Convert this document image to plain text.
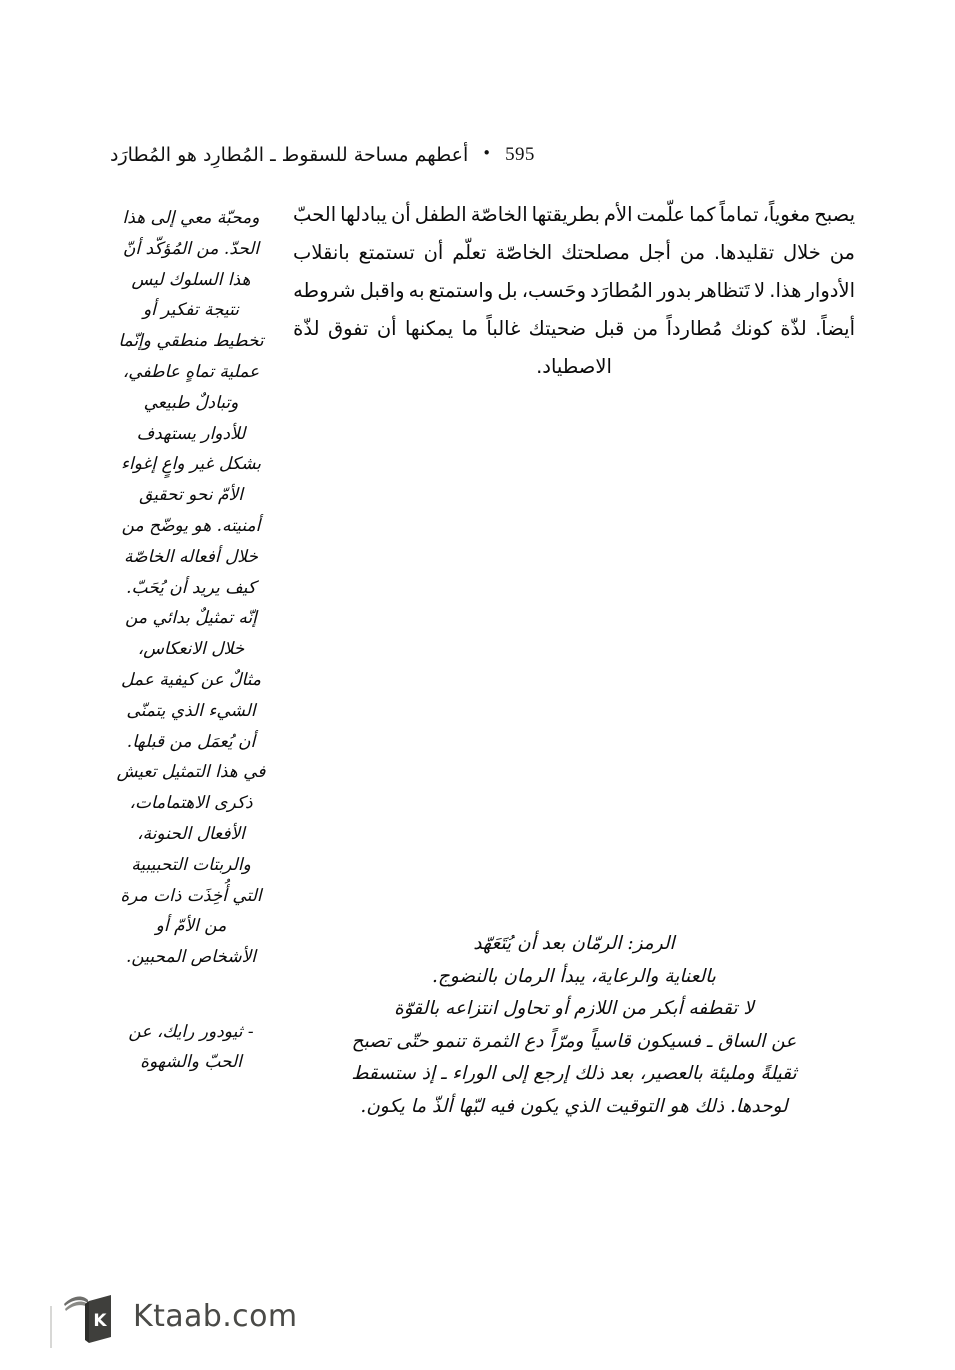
أعطهم مساحة للسقوط ـ المُطارِد هو المُطارَد • 595

يصبح
مغوياً،
تماماً
كما
علّمت
الأم
بطريقتها
الخاصّة
الطفل
أن
يبادلها
الحبّ
من
خلال
تقليدها.
من
أجل
مصلحتك
الخاصّة
تعلّم
أن
تستمتع
بانقلاب
الأدوار
هذا.
لا
تَتظاهر
بدور
المُطارَد
وحَسب،
بل
واستمتع
به
واقبل
شروطه
أيضاً.
لذّة
كونك
مُطارداً
من
قبل
ضحيتك
غالباً
ما
يمكنها
أن
تفوق
لذّة
الاصطياد.

ومحبّة معي إلى هذا
الحدّ. من المُؤكّد أنّ
هذا السلوك ليس
نتيجة تفكير أو
تخطيط منطقي وإنّما
عملية تماهٍ عاطفي،
وتبادلٌ طبيعي
للأدوار يستهدف
بشكل غير واعٍ إغواء
الأمّ نحو تحقيق
أمنيته. هو يوضّح من
خلال أفعاله الخاصّة
كيف يريد أن يُحَبّ.
إنّه تمثيلٌ بدائي من
خلال الانعكاس،
مثالٌ عن كيفية عمل
الشيء الذي يتمنّى
أن يُعمَل من قبلها.
في هذا التمثيل تعيش
ذكرى الاهتمامات،
الأفعال الحنونة،
والربتات التحبيبية
التي أُخِذَت ذات مرة
من الأمّ أو
الأشخاص المحبين.

- ثيودور رايك، عن
الحبّ والشهوة

الرمز: الرمّان بعد أن يُتَعَهّد
بالعناية والرعاية، يبدأ الرمان بالنضوج.
لا تقطفه أبكر من اللازم أو تحاول انتزاعه بالقوّة
عن الساق ـ فسيكون قاسياً ومرّاً دع الثمرة تنمو حتّى تصبح
ثقيلةً ومليئة بالعصير، بعد ذلك إرجع إلى الوراء ـ إذ ستسقط
لوحدها. ذلك هو التوقيت الذي يكون فيه لبّها ألذّ ما يكون.

K Ktaab.com
